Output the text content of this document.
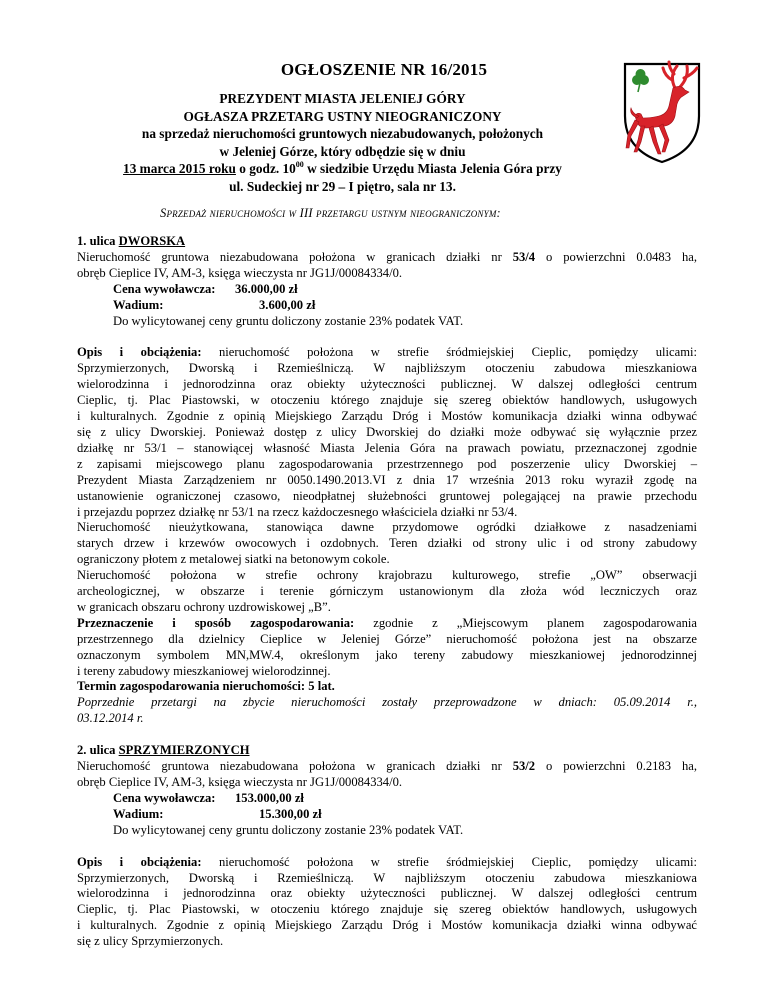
OGŁOSZENIE NR 16/2015
PREZYDENT MIASTA JELENIEJ GÓRY
OGŁASZA PRZETARG USTNY NIEOGRANICZONY
na sprzedaż nieruchomości gruntowych niezabudowanych, położonych
w Jeleniej Górze, który odbędzie się w dniu
13 marca 2015 roku o godz. $10^{00}$ w siedzibie Urzędu Miasta Jelenia Góra przy
ul. Sudeckiej nr 29 – I piętro, sala nr 13.
Sprzedaż nieruchomości w III przetargu ustnym nieograniczonym:
1. ulica DWORSKA
Nieruchomość gruntowa niezabudowana położona w granicach działki nr 53/4 o powierzchni 0.0483 ha,
obręb Cieplice IV, AM-3, księga wieczysta nr JG1J/00084334/0.
Cena wywoławcza: 36.000,00 zł
Wadium:	3.600,00 zł
Do wylicytowanej ceny gruntu doliczony zostanie 23% podatek VAT.
Opis i obciążenia: nieruchomość położona w strefie śródmiejskiej Cieplic, pomiędzy ulicami:
Sprzymierzonych, Dworską i Rzemieślniczą. W najbliższym otoczeniu zabudowa mieszkaniowa
wielorodzinna i jednorodzinna oraz obiekty użyteczności publicznej. W dalszej odległości centrum
Cieplic, tj. Plac Piastowski, w otoczeniu którego znajduje się szereg obiektów handlowych, usługowych
i kulturalnych. Zgodnie z opinią Miejskiego Zarządu Dróg i Mostów komunikacja działki winna odbywać
się z ulicy Dworskiej. Ponieważ dostęp z ulicy Dworskiej do działki może odbywać się wyłącznie przez
działkę nr 53/1 – stanowiącej własność Miasta Jelenia Góra na prawach powiatu, przeznaczonej zgodnie
z zapisami miejscowego planu zagospodarowania przestrzennego pod poszerzenie ulicy Dworskiej –
Prezydent Miasta Zarządzeniem nr 0050.1490.2013.VI z dnia 17 września 2013 roku wyraził zgodę na
ustanowienie ograniczonej czasowo, nieodpłatnej służebności gruntowej polegającej na prawie przechodu
i przejazdu poprzez działkę nr 53/1 na rzecz każdoczesnego właściciela działki nr 53/4.
Nieruchomość nieużytkowana, stanowiąca dawne przydomowe ogródki działkowe z nasadzeniami
starych drzew i krzewów owocowych i ozdobnych. Teren działki od strony ulic i od strony zabudowy
ograniczony płotem z metalowej siatki na betonowym cokole.
Nieruchomość położona w strefie ochrony krajobrazu kulturowego, strefie „OW” obserwacji
archeologicznej, w obszarze i terenie górniczym ustanowionym dla złoża wód leczniczych oraz
w granicach obszaru ochrony uzdrowiskowej „B”.
Przeznaczenie i sposób zagospodarowania: zgodnie z „Miejscowym planem zagospodarowania
przestrzennego dla dzielnicy Cieplice w Jeleniej Górze” nieruchomość położona jest na obszarze
oznaczonym symbolem MN,MW.4, określonym jako tereny zabudowy mieszkaniowej jednorodzinnej
i tereny zabudowy mieszkaniowej wielorodzinnej.
Termin zagospodarowania nieruchomości: 5 lat.
Poprzednie przetargi na zbycie nieruchomości zostały przeprowadzone w dniach: 05.09.2014 r.,
03.12.2014 r.
2. ulica SPRZYMIERZONYCH
Nieruchomość gruntowa niezabudowana położona w granicach działki nr 53/2 o powierzchni 0.2183 ha,
obręb Cieplice IV, AM-3, księga wieczysta nr JG1J/00084334/0.
Cena wywoławcza: 153.000,00 zł
Wadium:	15.300,00 zł
Do wylicytowanej ceny gruntu doliczony zostanie 23% podatek VAT.
Opis i obciążenia: nieruchomość położona w strefie śródmiejskiej Cieplic, pomiędzy ulicami:
Sprzymierzonych, Dworską i Rzemieślniczą. W najbliższym otoczeniu zabudowa mieszkaniowa
wielorodzinna i jednorodzinna oraz obiekty użyteczności publicznej. W dalszej odległości centrum
Cieplic, tj. Plac Piastowski, w otoczeniu którego znajduje się szereg obiektów handlowych, usługowych
i kulturalnych. Zgodnie z opinią Miejskiego Zarządu Dróg i Mostów komunikacja działki winna odbywać
się z ulicy Sprzymierzonych.
